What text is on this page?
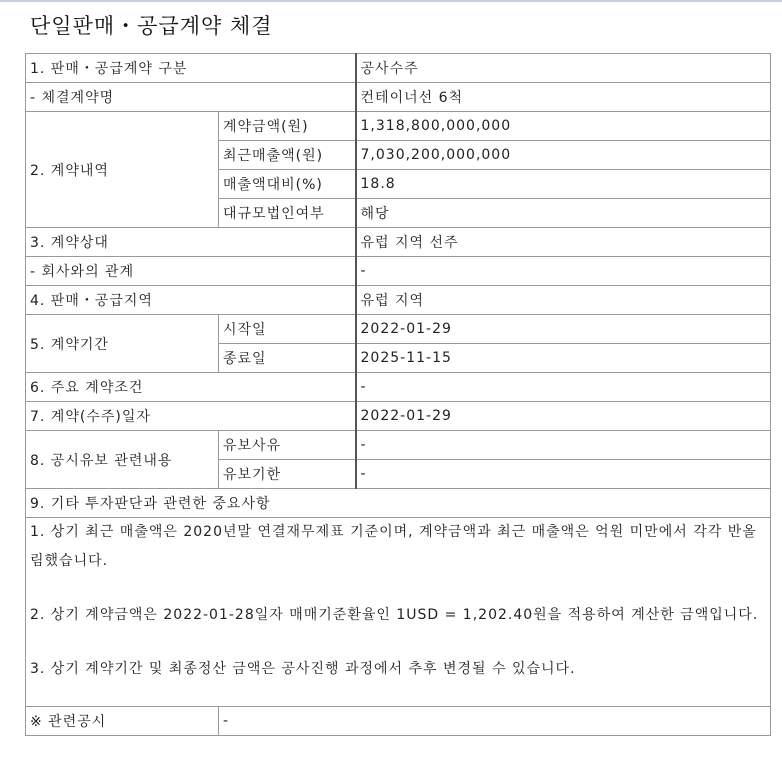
단일판매・공급계약 체결
1. 판매・공급계약 구분		공사수주
- 체결계약명		컨테이너선 6척
2. 계약내역	계약금액(원)	1,318,800,000,000
	최근매출액(원)	7,030,200,000,000
	매출액대비(%)	18.8
	대규모법인여부	해당
3. 계약상대		유럽 지역 선주
- 회사와의 관계		-
4. 판매・공급지역		유럽 지역
5. 계약기간	시작일	2022-01-29
	종료일	2025-11-15
6. 주요 계약조건		-
7. 계약(수주)일자		2022-01-29
8. 공시유보 관련내용	유보사유	-
	유보기한	-
9. 기타 투자판단과 관련한 중요사항		

1. 상기 최근 매출액은 2020년말 연결재무제표 기준이며, 계약금액과 최근 매출액은 억원 미만에서 각각 반올림했습니다.

2. 상기 계약금액은 2022-01-28일자 매매기준환율인 1USD = 1,202.40원을 적용하여 계산한 금액입니다.

3. 상기 계약기간 및 최종정산 금액은 공사진행 과정에서 추후 변경될 수 있습니다.		

※ 관련공시	-	
